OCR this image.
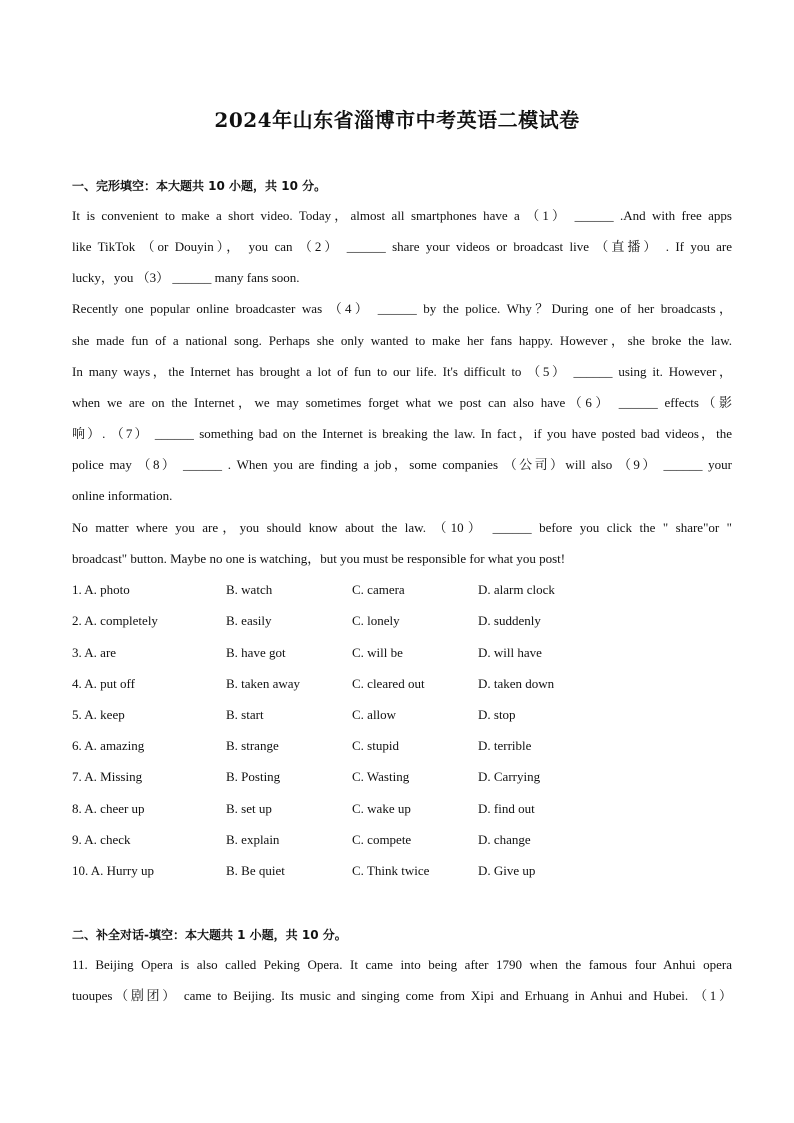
2024年山东省淄博市中考英语二模试卷
一、完形填空：本大题共 10 小题，共 10 分。
It is convenient to make a short video. Today，almost all smartphones have a （1） ______ .And with free apps
like TikTok （or Douyin）， you can （2） ______ share your videos or broadcast live （直播） . If you are
lucky，you （3） ______ many fans soon.
Recently one popular online broadcaster was （4） ______ by the police. Why？During one of her broadcasts，
she made fun of a national song. Perhaps she only wanted to make her fans happy. However，she broke the law.
In many ways，the Internet has brought a lot of fun to our life. It's difficult to （5） ______ using it. However，
when we are on the Internet，we may sometimes forget what we post can also have（6） ______ effects（影
响）. （7） ______ something bad on the Internet is breaking the law. In fact，if you have posted bad videos，the
police may （8） ______ . When you are finding a job，some companies （公司）will also （9） ______ your
online information.
No matter where you are，you should know about the law. （10） ______ before you click the " share"or "
broadcast" button. Maybe no one is watching，but you must be responsible for what you post!
1. A. photo	B. watch	C. camera	D. alarm clock
2. A. completely	B. easily	C. lonely	D. suddenly
3. A. are	B. have got	C. will be	D. will have
4. A. put off	B. taken away	C. cleared out	D. taken down
5. A. keep	B. start	C. allow	D. stop
6. A. amazing	B. strange	C. stupid	D. terrible
7. A. Missing	B. Posting	C. Wasting	D. Carrying
8. A. cheer up	B. set up	C. wake up	D. find out
9. A. check	B. explain	C. compete	D. change
10. A. Hurry up	B. Be quiet	C. Think twice	D. Give up
二、补全对话-填空：本大题共 1 小题，共 10 分。
11. Beijing Opera is also called Peking Opera. It came into being after 1790 when the famous four Anhui opera
tuoupes（剧团） came to Beijing. Its music and singing come from Xipi and Erhuang in Anhui and Hubei. （1）
